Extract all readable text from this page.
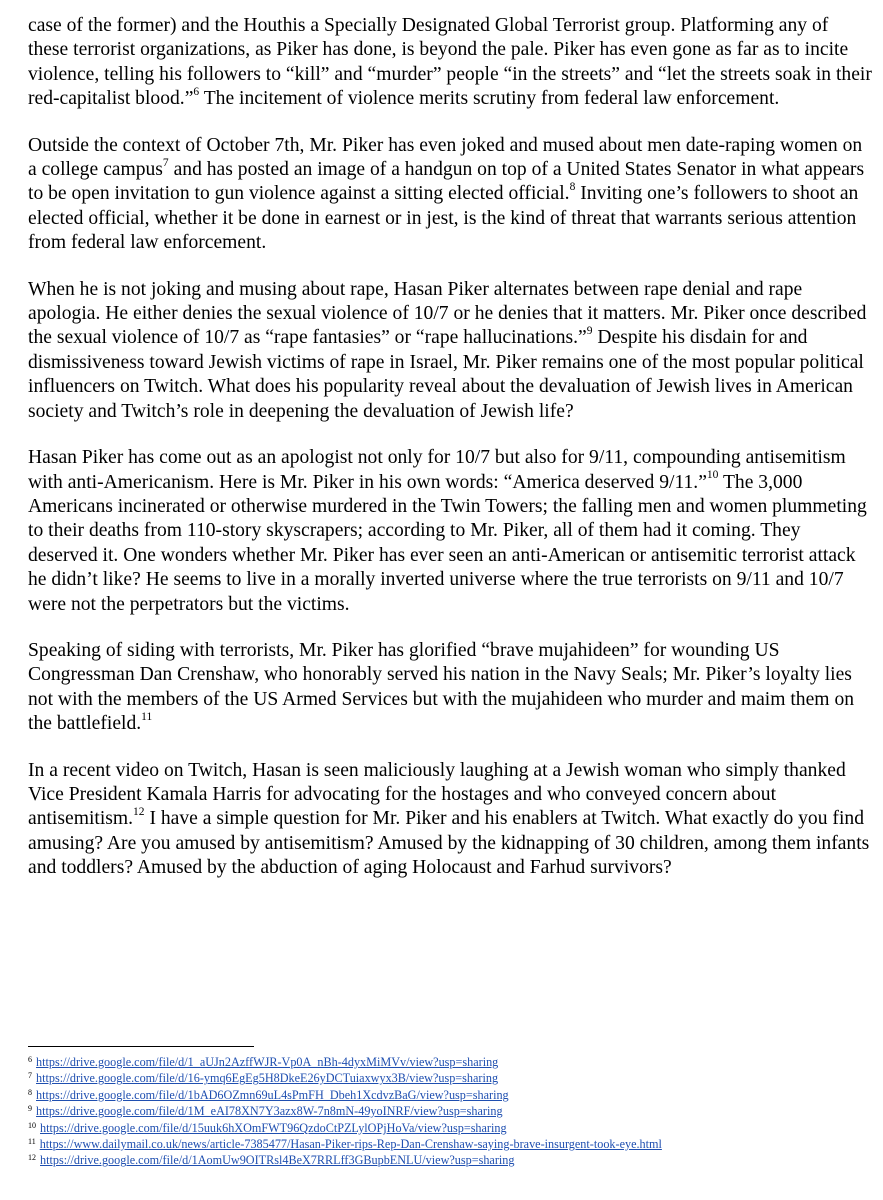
case of the former) and the Houthis a Specially Designated Global Terrorist group. Platforming any of these terrorist organizations, as Piker has done, is beyond the pale. Piker has even gone as far as to incite violence, telling his followers to “kill” and “murder” people “in the streets” and “let the streets soak in their red-capitalist blood.”$^6$ The incitement of violence merits scrutiny from federal law enforcement.

Outside the context of October 7th, Mr. Piker has even joked and mused about men date-raping women on a college campus$^7$ and has posted an image of a handgun on top of a United States Senator in what appears to be open invitation to gun violence against a sitting elected official.$^8$ Inviting one’s followers to shoot an elected official, whether it be done in earnest or in jest, is the kind of threat that warrants serious attention from federal law enforcement.

When he is not joking and musing about rape, Hasan Piker alternates between rape denial and rape apologia. He either denies the sexual violence of 10/7 or he denies that it matters. Mr. Piker once described the sexual violence of 10/7 as “rape fantasies” or “rape hallucinations.”$^9$ Despite his disdain for and dismissiveness toward Jewish victims of rape in Israel, Mr. Piker remains one of the most popular political influencers on Twitch. What does his popularity reveal about the devaluation of Jewish lives in American society and Twitch’s role in deepening the devaluation of Jewish life?

Hasan Piker has come out as an apologist not only for 10/7 but also for 9/11, compounding antisemitism with anti-Americanism. Here is Mr. Piker in his own words: “America deserved 9/11.”$^{10}$ The 3,000 Americans incinerated or otherwise murdered in the Twin Towers; the falling men and women plummeting to their deaths from 110-story skyscrapers; according to Mr. Piker, all of them had it coming. They deserved it. One wonders whether Mr. Piker has ever seen an anti-American or antisemitic terrorist attack he didn’t like? He seems to live in a morally inverted universe where the true terrorists on 9/11 and 10/7 were not the perpetrators but the victims.

Speaking of siding with terrorists, Mr. Piker has glorified “brave mujahideen” for wounding US Congressman Dan Crenshaw, who honorably served his nation in the Navy Seals; Mr. Piker’s loyalty lies not with the members of the US Armed Services but with the mujahideen who murder and maim them on the battlefield.$^{11}$

In a recent video on Twitch, Hasan is seen maliciously laughing at a Jewish woman who simply thanked Vice President Kamala Harris for advocating for the hostages and who conveyed concern about antisemitism.$^{12}$ I have a simple question for Mr. Piker and his enablers at Twitch. What exactly do you find amusing? Are you amused by antisemitism? Amused by the kidnapping of 30 children, among them infants and toddlers? Amused by the abduction of aging Holocaust and Farhud survivors?

$^6$ https://drive.google.com/file/d/1_aUJn2AzffWJR-Vp0A_nBh-4dyxMiMVv/view?usp=sharing
$^7$ https://drive.google.com/file/d/16-ymq6EgEg5H8DkeE26yDCTuiaxwyx3B/view?usp=sharing
$^8$ https://drive.google.com/file/d/1bAD6OZmn69uL4sPmFH_Dbeh1XcdvzBaG/view?usp=sharing
$^9$ https://drive.google.com/file/d/1M_eAI78XN7Y3azx8W-7n8mN-49yoINRF/view?usp=sharing
$^{10}$ https://drive.google.com/file/d/15uuk6hXOmFWT96QzdoCtPZLylOPjHoVa/view?usp=sharing
$^{11}$ https://www.dailymail.co.uk/news/article-7385477/Hasan-Piker-rips-Rep-Dan-Crenshaw-saying-brave-insurgent-took-eye.html
$^{12}$ https://drive.google.com/file/d/1AomUw9OITRsl4BeX7RRLff3GBupbENLU/view?usp=sharing
